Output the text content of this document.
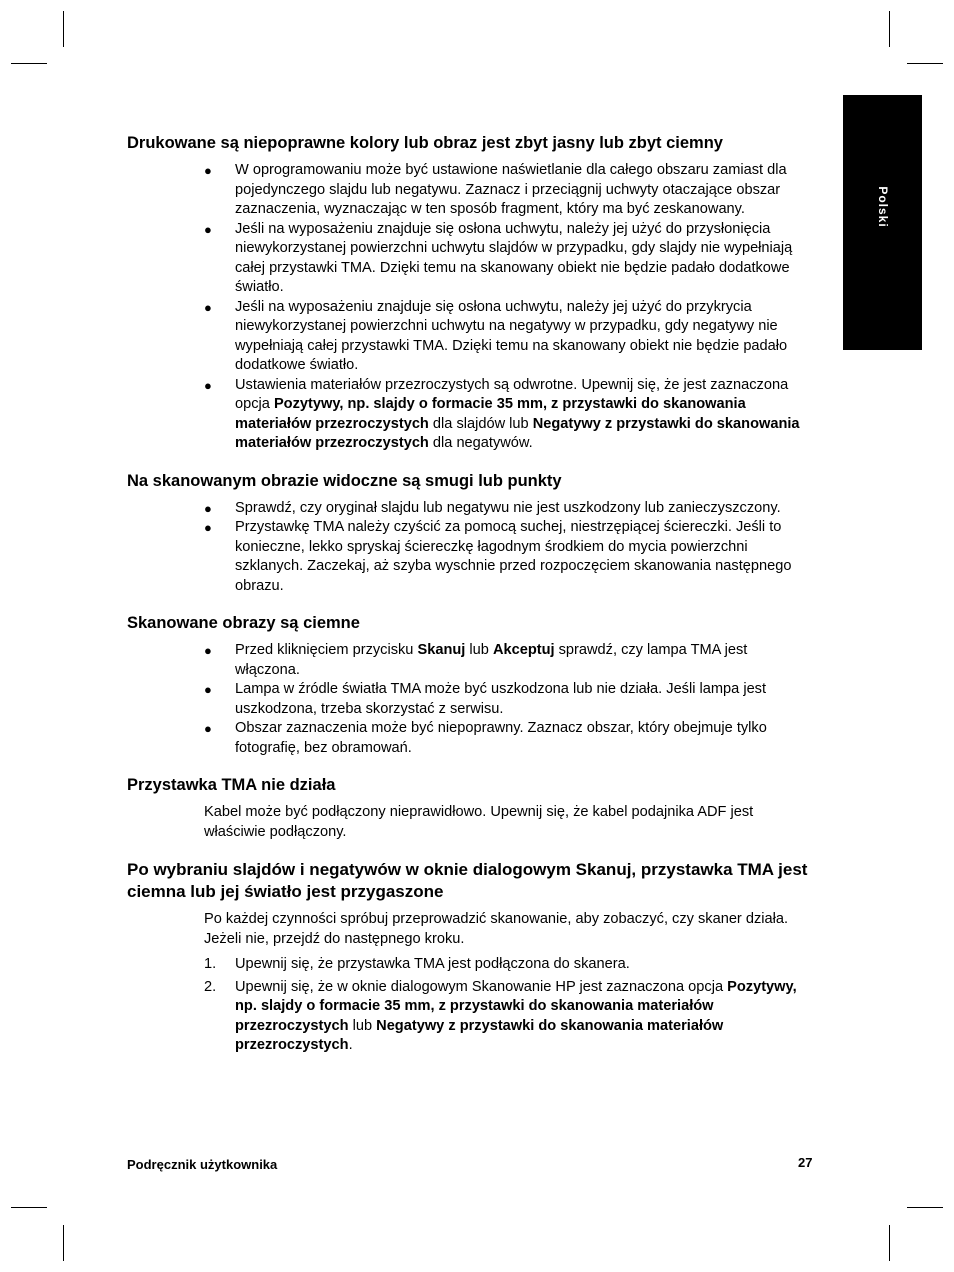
Polski
Drukowane są niepoprawne kolory lub obraz jest zbyt jasny lub zbyt ciemny
● W oprogramowaniu może być ustawione naświetlanie dla całego obszaru zamiast dla pojedynczego slajdu lub negatywu. Zaznacz i przeciągnij uchwyty otaczające obszar zaznaczenia, wyznaczając w ten sposób fragment, który ma być zeskanowany.
● Jeśli na wyposażeniu znajduje się osłona uchwytu, należy jej użyć do przysłonięcia niewykorzystanej powierzchni uchwytu slajdów w przypadku, gdy slajdy nie wypełniają całej przystawki TMA. Dzięki temu na skanowany obiekt nie będzie padało dodatkowe światło.
● Jeśli na wyposażeniu znajduje się osłona uchwytu, należy jej użyć do przykrycia niewykorzystanej powierzchni uchwytu na negatywy w przypadku, gdy negatywy nie wypełniają całej przystawki TMA. Dzięki temu na skanowany obiekt nie będzie padało dodatkowe światło.
● Ustawienia materiałów przezroczystych są odwrotne. Upewnij się, że jest zaznaczona opcja Pozytywy, np. slajdy o formacie 35 mm, z przystawki do skanowania materiałów przezroczystych dla slajdów lub Negatywy z przystawki do skanowania materiałów przezroczystych dla negatywów.
Na skanowanym obrazie widoczne są smugi lub punkty
● Sprawdź, czy oryginał slajdu lub negatywu nie jest uszkodzony lub zanieczyszczony.
● Przystawkę TMA należy czyścić za pomocą suchej, niestrzępiącej ściereczki. Jeśli to konieczne, lekko spryskaj ściereczkę łagodnym środkiem do mycia powierzchni szklanych. Zaczekaj, aż szyba wyschnie przed rozpoczęciem skanowania następnego obrazu.
Skanowane obrazy są ciemne
● Przed kliknięciem przycisku Skanuj lub Akceptuj sprawdź, czy lampa TMA jest włączona.
● Lampa w źródle światła TMA może być uszkodzona lub nie działa. Jeśli lampa jest uszkodzona, trzeba skorzystać z serwisu.
● Obszar zaznaczenia może być niepoprawny. Zaznacz obszar, który obejmuje tylko fotografię, bez obramowań.
Przystawka TMA nie działa

Kabel może być podłączony nieprawidłowo. Upewnij się, że kabel podajnika ADF jest właściwie podłączony.

Po wybraniu slajdów i negatywów w oknie dialogowym Skanuj, przystawka TMA jest ciemna lub jej światło jest przygaszone

Po każdej czynności spróbuj przeprowadzić skanowanie, aby zobaczyć, czy skaner działa. Jeżeli nie, przejdź do następnego kroku.

1. Upewnij się, że przystawka TMA jest podłączona do skanera.
2. Upewnij się, że w oknie dialogowym Skanowanie HP jest zaznaczona opcja Pozytywy, np. slajdy o formacie 35 mm, z przystawki do skanowania materiałów przezroczystych lub Negatywy z przystawki do skanowania materiałów przezroczystych.
Podręcznik użytkownika	27
